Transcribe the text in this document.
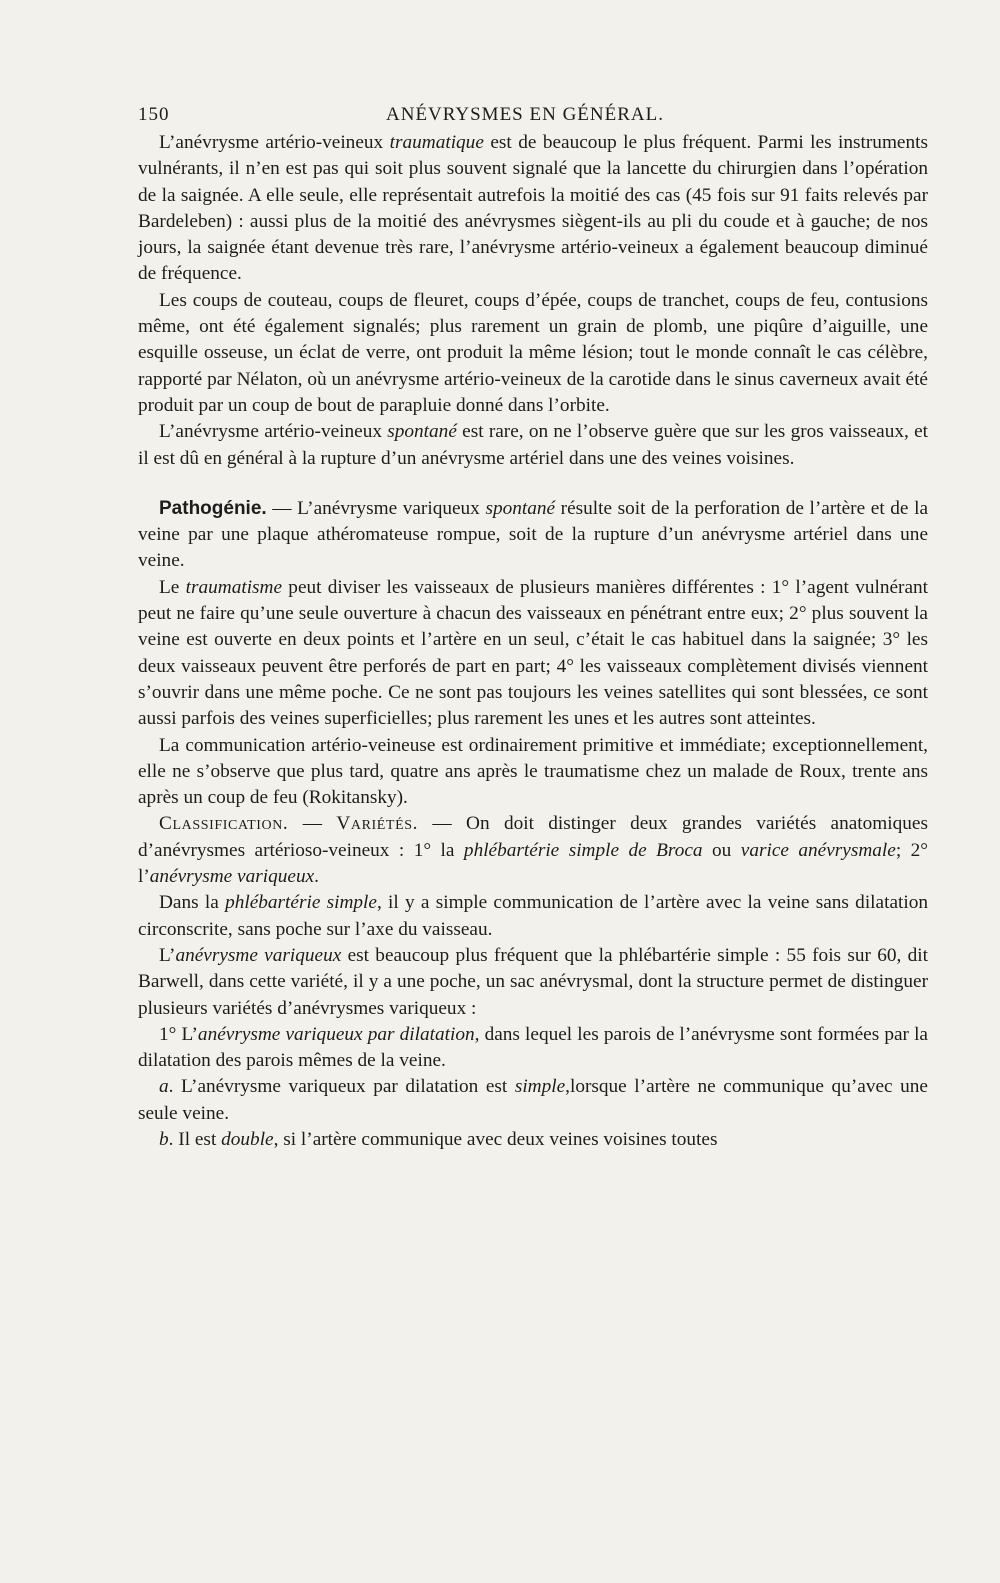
150	ANÉVRYSMES EN GÉNÉRAL.

L’anévrysme artério-veineux traumatique est de beaucoup le plus fréquent. Parmi les instruments vulnérants, il n’en est pas qui soit plus souvent signalé que la lancette du chirurgien dans l’opération de la saignée. A elle seule, elle représentait autrefois la moitié des cas (45 fois sur 91 faits relevés par Bardeleben) : aussi plus de la moitié des anévrysmes siègent-ils au pli du coude et à gauche; de nos jours, la saignée étant devenue très rare, l’anévrysme artério-veineux a également beaucoup diminué de fréquence.

Les coups de couteau, coups de fleuret, coups d’épée, coups de tranchet, coups de feu, contusions même, ont été également signalés; plus rarement un grain de plomb, une piqûre d’aiguille, une esquille osseuse, un éclat de verre, ont produit la même lésion; tout le monde connaît le cas célèbre, rapporté par Nélaton, où un anévrysme artério-veineux de la carotide dans le sinus caverneux avait été produit par un coup de bout de parapluie donné dans l’orbite.

L’anévrysme artério-veineux spontané est rare, on ne l’observe guère que sur les gros vaisseaux, et il est dû en général à la rupture d’un anévrysme artériel dans une des veines voisines.

Pathogénie. — L’anévrysme variqueux spontané résulte soit de la perforation de l’artère et de la veine par une plaque athéromateuse rompue, soit de la rupture d’un anévrysme artériel dans une veine.

Le traumatisme peut diviser les vaisseaux de plusieurs manières différentes : 1° l’agent vulnérant peut ne faire qu’une seule ouverture à chacun des vaisseaux en pénétrant entre eux; 2° plus souvent la veine est ouverte en deux points et l’artère en un seul, c’était le cas habituel dans la saignée; 3° les deux vaisseaux peuvent être perforés de part en part; 4° les vaisseaux complètement divisés viennent s’ouvrir dans une même poche. Ce ne sont pas toujours les veines satellites qui sont blessées, ce sont aussi parfois des veines superficielles; plus rarement les unes et les autres sont atteintes.

La communication artério-veineuse est ordinairement primitive et immédiate; exceptionnellement, elle ne s’observe que plus tard, quatre ans après le traumatisme chez un malade de Roux, trente ans après un coup de feu (Rokitansky).

Classification. — Variétés. — On doit distinger deux grandes variétés anatomiques d’anévrysmes artérioso-veineux : 1° la phlébartérie simple de Broca ou varice anévrysmale; 2° l’anévrysme variqueux.

Dans la phlébartérie simple, il y a simple communication de l’artère avec la veine sans dilatation circonscrite, sans poche sur l’axe du vaisseau.

L’anévrysme variqueux est beaucoup plus fréquent que la phlébartérie simple : 55 fois sur 60, dit Barwell, dans cette variété, il y a une poche, un sac anévrysmal, dont la structure permet de distinguer plusieurs variétés d’anévrysmes variqueux :

1° L’anévrysme variqueux par dilatation, dans lequel les parois de l’anévrysme sont formées par la dilatation des parois mêmes de la veine.

a. L’anévrysme variqueux par dilatation est simple,lorsque l’artère ne communique qu’avec une seule veine.

b. Il est double, si l’artère communique avec deux veines voisines toutes
